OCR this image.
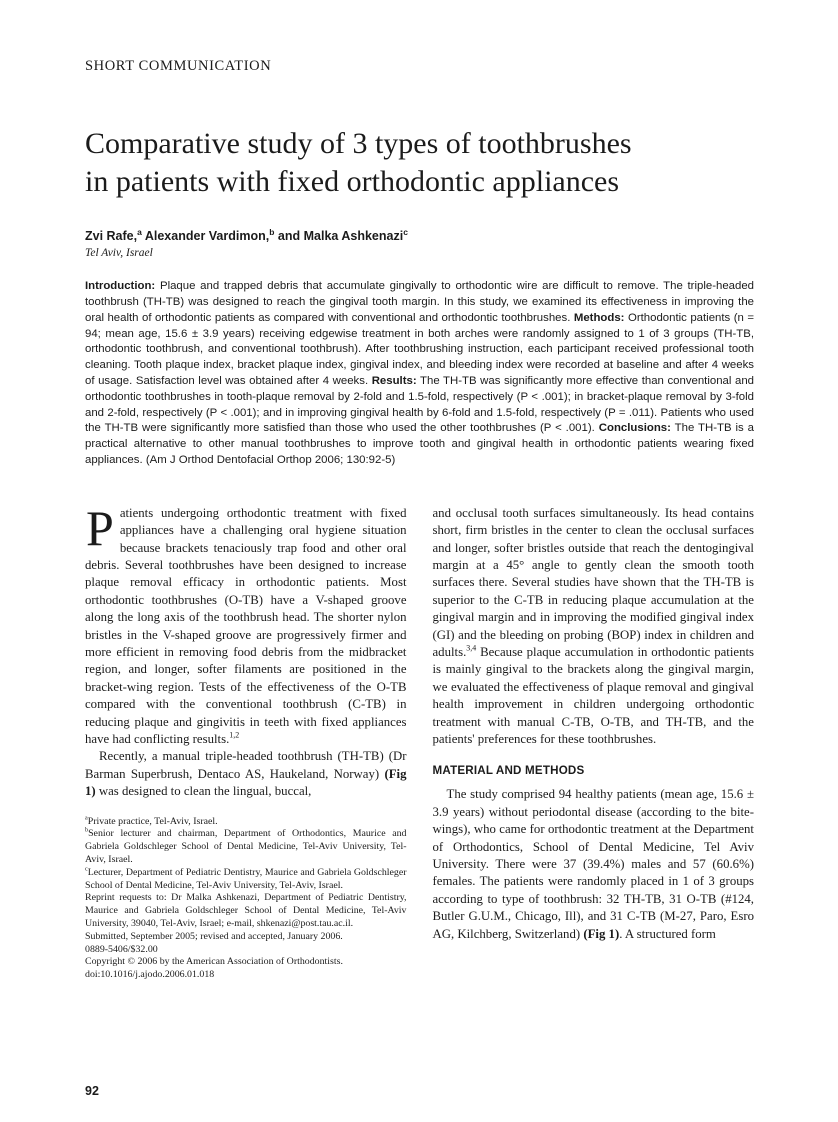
SHORT COMMUNICATION
Comparative study of 3 types of toothbrushes
in patients with fixed orthodontic appliances
Zvi Rafe,$^a$ Alexander Vardimon,$^b$ and Malka Ashkenazi$^c$
Tel Aviv, Israel

Introduction: Plaque and trapped debris that accumulate gingivally to orthodontic wire are difficult to remove. The triple-headed toothbrush (TH-TB) was designed to reach the gingival tooth margin. In this study, we examined its effectiveness in improving the oral health of orthodontic patients as compared with conventional and orthodontic toothbrushes. Methods: Orthodontic patients (n = 94; mean age, 15.6 ± 3.9 years) receiving edgewise treatment in both arches were randomly assigned to 1 of 3 groups (TH-TB, orthodontic toothbrush, and conventional toothbrush). After toothbrushing instruction, each participant received professional tooth cleaning. Tooth plaque index, bracket plaque index, gingival index, and bleeding index were recorded at baseline and after 4 weeks of usage. Satisfaction level was obtained after 4 weeks. Results: The TH-TB was significantly more effective than conventional and orthodontic toothbrushes in tooth-plaque removal by 2-fold and 1.5-fold, respectively (P < .001); in bracket-plaque removal by 3-fold and 2-fold, respectively (P < .001); and in improving gingival health by 6-fold and 1.5-fold, respectively (P = .011). Patients who used the TH-TB were significantly more satisfied than those who used the other toothbrushes (P < .001). Conclusions: The TH-TB is a practical alternative to other manual toothbrushes to improve tooth and gingival health in orthodontic patients wearing fixed appliances. (Am J Orthod Dentofacial Orthop 2006; 130:92-5)

Patients undergoing orthodontic treatment with fixed appliances have a challenging oral hygiene situation because brackets tenaciously trap food and other oral debris. Several toothbrushes have been designed to increase plaque removal efficacy in orthodontic patients. Most orthodontic toothbrushes (O-TB) have a V-shaped groove along the long axis of the toothbrush head. The shorter nylon bristles in the V-shaped groove are progressively firmer and more efficient in removing food debris from the midbracket region, and longer, softer filaments are positioned in the bracket-wing region. Tests of the effectiveness of the O-TB compared with the conventional toothbrush (C-TB) in reducing plaque and gingivitis in teeth with fixed appliances have had conflicting results.$^{1,2}$

Recently, a manual triple-headed toothbrush (TH-TB) (Dr Barman Superbrush, Dentaco AS, Haukeland, Norway) (Fig 1) was designed to clean the lingual, buccal,

$^a$Private practice, Tel-Aviv, Israel.

$^b$Senior lecturer and chairman, Department of Orthodontics, Maurice and Gabriela Goldschleger School of Dental Medicine, Tel-Aviv University, Tel-Aviv, Israel.

$^c$Lecturer, Department of Pediatric Dentistry, Maurice and Gabriela Goldschleger School of Dental Medicine, Tel-Aviv University, Tel-Aviv, Israel.

Reprint requests to: Dr Malka Ashkenazi, Department of Pediatric Dentistry, Maurice and Gabriela Goldschleger School of Dental Medicine, Tel-Aviv University, 39040, Tel-Aviv, Israel; e-mail, shkenazi@post.tau.ac.il.

Submitted, September 2005; revised and accepted, January 2006.

0889-5406/$32.00

Copyright © 2006 by the American Association of Orthodontists.

doi:10.1016/j.ajodo.2006.01.018

and occlusal tooth surfaces simultaneously. Its head contains short, firm bristles in the center to clean the occlusal surfaces and longer, softer bristles outside that reach the dentogingival margin at a 45° angle to gently clean the smooth tooth surfaces there. Several studies have shown that the TH-TB is superior to the C-TB in reducing plaque accumulation at the gingival margin and in improving the modified gingival index (GI) and the bleeding on probing (BOP) index in children and adults.$^{3,4}$ Because plaque accumulation in orthodontic patients is mainly gingival to the brackets along the gingival margin, we evaluated the effectiveness of plaque removal and gingival health improvement in children undergoing orthodontic treatment with manual C-TB, O-TB, and TH-TB, and the patients' preferences for these toothbrushes.

MATERIAL AND METHODS

The study comprised 94 healthy patients (mean age, 15.6 ± 3.9 years) without periodontal disease (according to the bite-wings), who came for orthodontic treatment at the Department of Orthodontics, School of Dental Medicine, Tel Aviv University. There were 37 (39.4%) males and 57 (60.6%) females. The patients were randomly placed in 1 of 3 groups according to type of toothbrush: 32 TH-TB, 31 O-TB (#124, Butler G.U.M., Chicago, Ill), and 31 C-TB (M-27, Paro, Esro AG, Kilchberg, Switzerland) (Fig 1). A structured form

92
